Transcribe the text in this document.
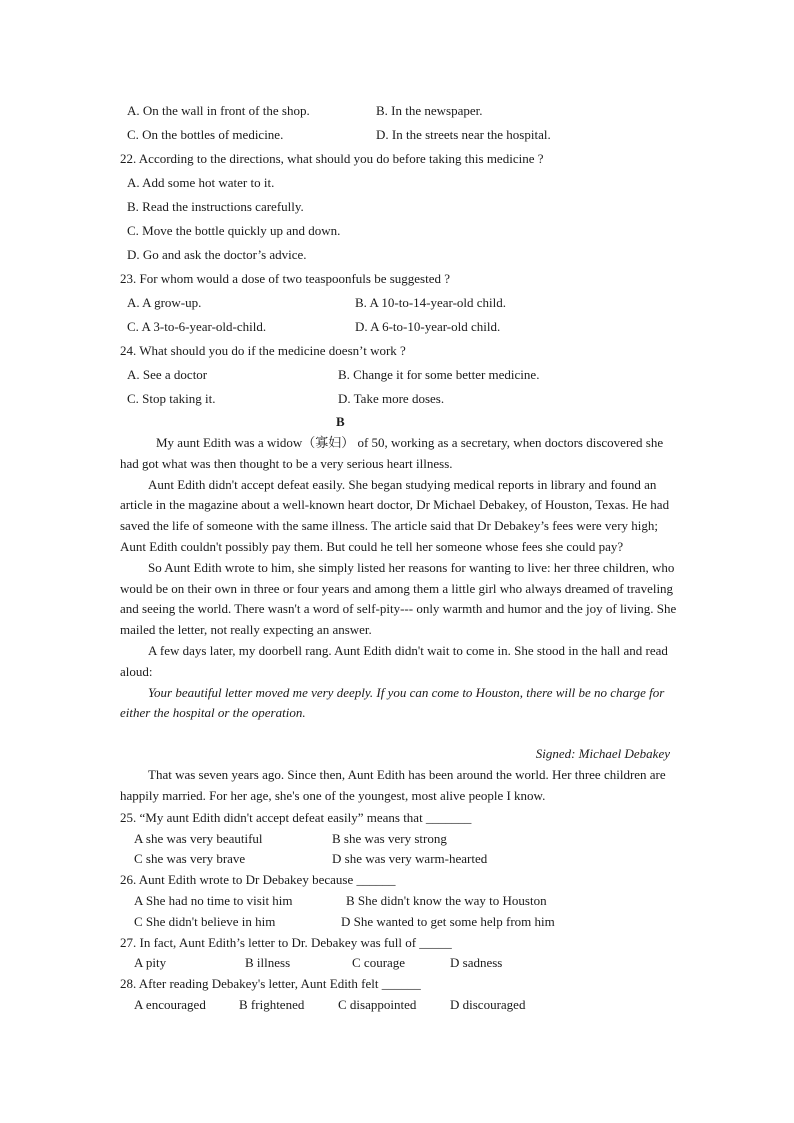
A. On the wall in front of the shop.	B. In the newspaper.
C. On the bottles of medicine.	D. In the streets near the hospital.
22. According to the directions, what should you do before taking this medicine ?
A. Add some hot water to it.
B. Read the instructions carefully.
C. Move the bottle quickly up and down.
D. Go and ask the doctor’s advice.
23. For whom would a dose of two teaspoonfuls be suggested ?
A. A grow-up.	B. A 10-to-14-year-old child.
C. A 3-to-6-year-old-child.	D. A 6-to-10-year-old child.
24. What should you do if the medicine doesn’t work ?
A. See a doctor	B. Change it for some better medicine.
C. Stop taking it.	D. Take more doses.
B

My aunt Edith was a widow（寡妇） of 50, working as a secretary, when doctors discovered she had got what was then thought to be a very serious heart illness.

Aunt Edith didn't accept defeat easily. She began studying medical reports in library and found an article in the magazine about a well-known heart doctor, Dr Michael Debakey, of Houston, Texas. He had saved the life of someone with the same illness. The article said that Dr Debakey’s fees were very high; Aunt Edith couldn't possibly pay them. But could he tell her someone whose fees she could pay?

So Aunt Edith wrote to him, she simply listed her reasons for wanting to live: her three children, who would be on their own in three or four years and among them a little girl who always dreamed of traveling and seeing the world. There wasn't a word of self-pity--- only warmth and humor and the joy of living. She mailed the letter, not really expecting an answer.

A few days later, my doorbell rang. Aunt Edith didn't wait to come in. She stood in the hall and read aloud:

Your beautiful letter moved me very deeply. If you can come to Houston, there will be no charge for either the hospital or the operation.

Signed: Michael Debakey

That was seven years ago. Since then, Aunt Edith has been around the world. Her three children are happily married. For her age, she's one of the youngest, most alive people I know.

25. “My aunt Edith didn't accept defeat easily” means that _______
A she was very beautiful	B she was very strong
C she was very brave	D she was very warm-hearted
26. Aunt Edith wrote to Dr Debakey because ______
A She had no time to visit him	B She didn't know the way to Houston
C She didn't believe in him	D She wanted to get some help from him
27. In fact, Aunt Edith’s letter to Dr. Debakey was full of _____
A pity	B illness	C courage	D sadness
28. After reading Debakey's letter, Aunt Edith felt ______
A encouraged	B frightened	C disappointed	D discouraged
